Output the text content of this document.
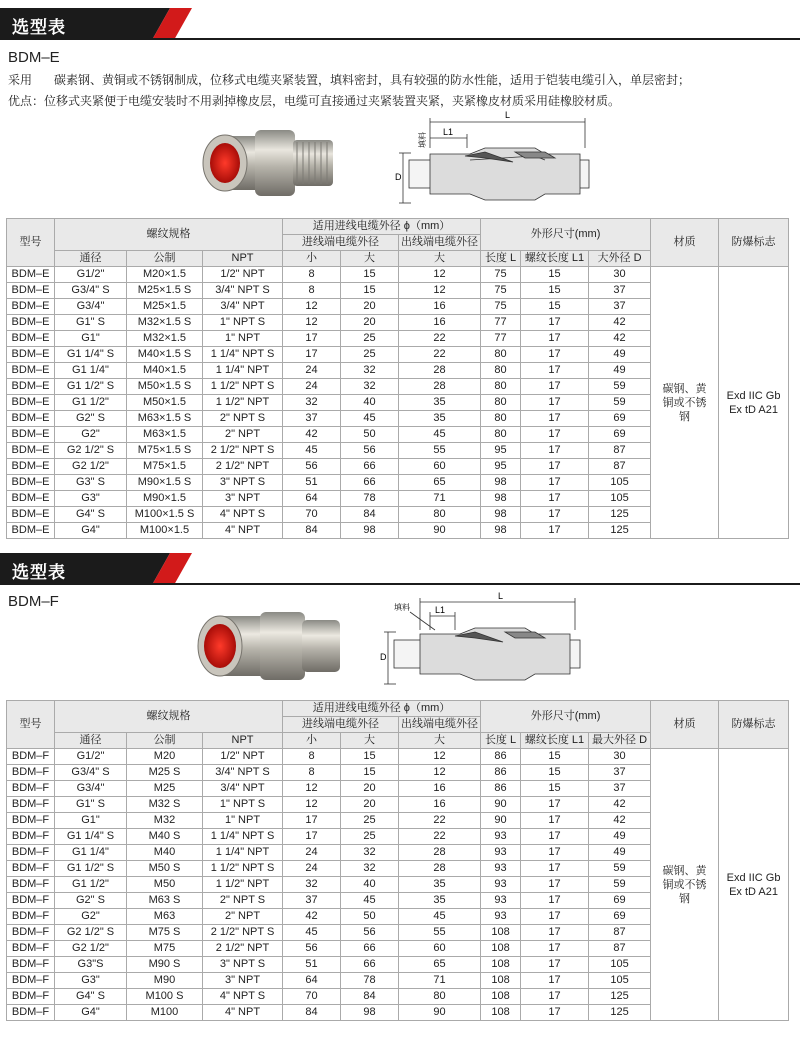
选型表
BDM–E
采用 碳素钢、黄铜或不锈钢制成，位移式电缆夹紧装置，填料密封，具有较强的防水性能，适用于铠装电缆引入，单层密封；
优点：位移式夹紧便于电缆安装时不用剥掉橡皮层，电缆可直接通过夹紧装置夹紧，夹紧橡皮材质采用硅橡胶材质。
L
L1
D
填料
型号	螺纹规格			适用进线电缆外径 ϕ（mm）			外形尺寸(mm)			材质	防爆标志
				进线端电缆外径		出线端电缆外径					
	通径	公制	NPT	小	大	大	长度 L	螺纹长度 L1	大外径 D		
BDM–E	G1/2"	M20×1.5	1/2" NPT	8	15	12	75	15	30	碳钢、黄铜或不锈钢	Exd IIC Gb Ex tD A21
BDM–E	G3/4" S	M25×1.5 S	3/4" NPT S	8	15	12	75	15	37		
BDM–E	G3/4"	M25×1.5	3/4" NPT	12	20	16	75	15	37		
BDM–E	G1" S	M32×1.5 S	1" NPT S	12	20	16	77	17	42		
BDM–E	G1"	M32×1.5	1" NPT	17	25	22	77	17	42		
BDM–E	G1 1/4" S	M40×1.5 S	1 1/4" NPT S	17	25	22	80	17	49		
BDM–E	G1 1/4"	M40×1.5	1 1/4" NPT	24	32	28	80	17	49		
BDM–E	G1 1/2" S	M50×1.5 S	1 1/2" NPT S	24	32	28	80	17	59		
BDM–E	G1 1/2"	M50×1.5	1 1/2" NPT	32	40	35	80	17	59		
BDM–E	G2" S	M63×1.5 S	2" NPT S	37	45	35	80	17	69		
BDM–E	G2"	M63×1.5	2" NPT	42	50	45	80	17	69		
BDM–E	G2 1/2" S	M75×1.5 S	2 1/2" NPT S	45	56	55	95	17	87		
BDM–E	G2 1/2"	M75×1.5	2 1/2" NPT	56	66	60	95	17	87		
BDM–E	G3" S	M90×1.5 S	3" NPT S	51	66	65	98	17	105		
BDM–E	G3"	M90×1.5	3" NPT	64	78	71	98	17	105		
BDM–E	G4" S	M100×1.5 S	4" NPT S	70	84	80	98	17	125		
BDM–E	G4"	M100×1.5	4" NPT	84	98	90	98	17	125		
选型表
BDM–F	L
L1
D
填料
型号	螺纹规格			适用进线电缆外径 ϕ（mm）			外形尺寸(mm)			材质	防爆标志
				进线端电缆外径		出线端电缆外径					
	通径	公制	NPT	小	大	大	长度 L	螺纹长度 L1	最大外径 D		
BDM–F	G1/2"	M20	1/2" NPT	8	15	12	86	15	30	碳钢、黄铜或不锈钢	Exd IIC Gb Ex tD A21
BDM–F	G3/4" S	M25 S	3/4" NPT S	8	15	12	86	15	37		
BDM–F	G3/4"	M25	3/4" NPT	12	20	16	86	15	37		
BDM–F	G1" S	M32 S	1" NPT S	12	20	16	90	17	42		
BDM–F	G1"	M32	1" NPT	17	25	22	90	17	42		
BDM–F	G1 1/4" S	M40 S	1 1/4" NPT S	17	25	22	93	17	49		
BDM–F	G1 1/4"	M40	1 1/4" NPT	24	32	28	93	17	49		
BDM–F	G1 1/2" S	M50 S	1 1/2" NPT S	24	32	28	93	17	59		
BDM–F	G1 1/2"	M50	1 1/2" NPT	32	40	35	93	17	59		
BDM–F	G2" S	M63 S	2" NPT S	37	45	35	93	17	69		
BDM–F	G2"	M63	2" NPT	42	50	45	93	17	69		
BDM–F	G2 1/2" S	M75 S	2 1/2" NPT S	45	56	55	108	17	87		
BDM–F	G2 1/2"	M75	2 1/2" NPT	56	66	60	108	17	87		
BDM–F	G3"S	M90 S	3" NPT S	51	66	65	108	17	105		
BDM–F	G3"	M90	3" NPT	64	78	71	108	17	105		
BDM–F	G4" S	M100 S	4" NPT S	70	84	80	108	17	125		
BDM–F	G4"	M100	4" NPT	84	98	90	108	17	125		
